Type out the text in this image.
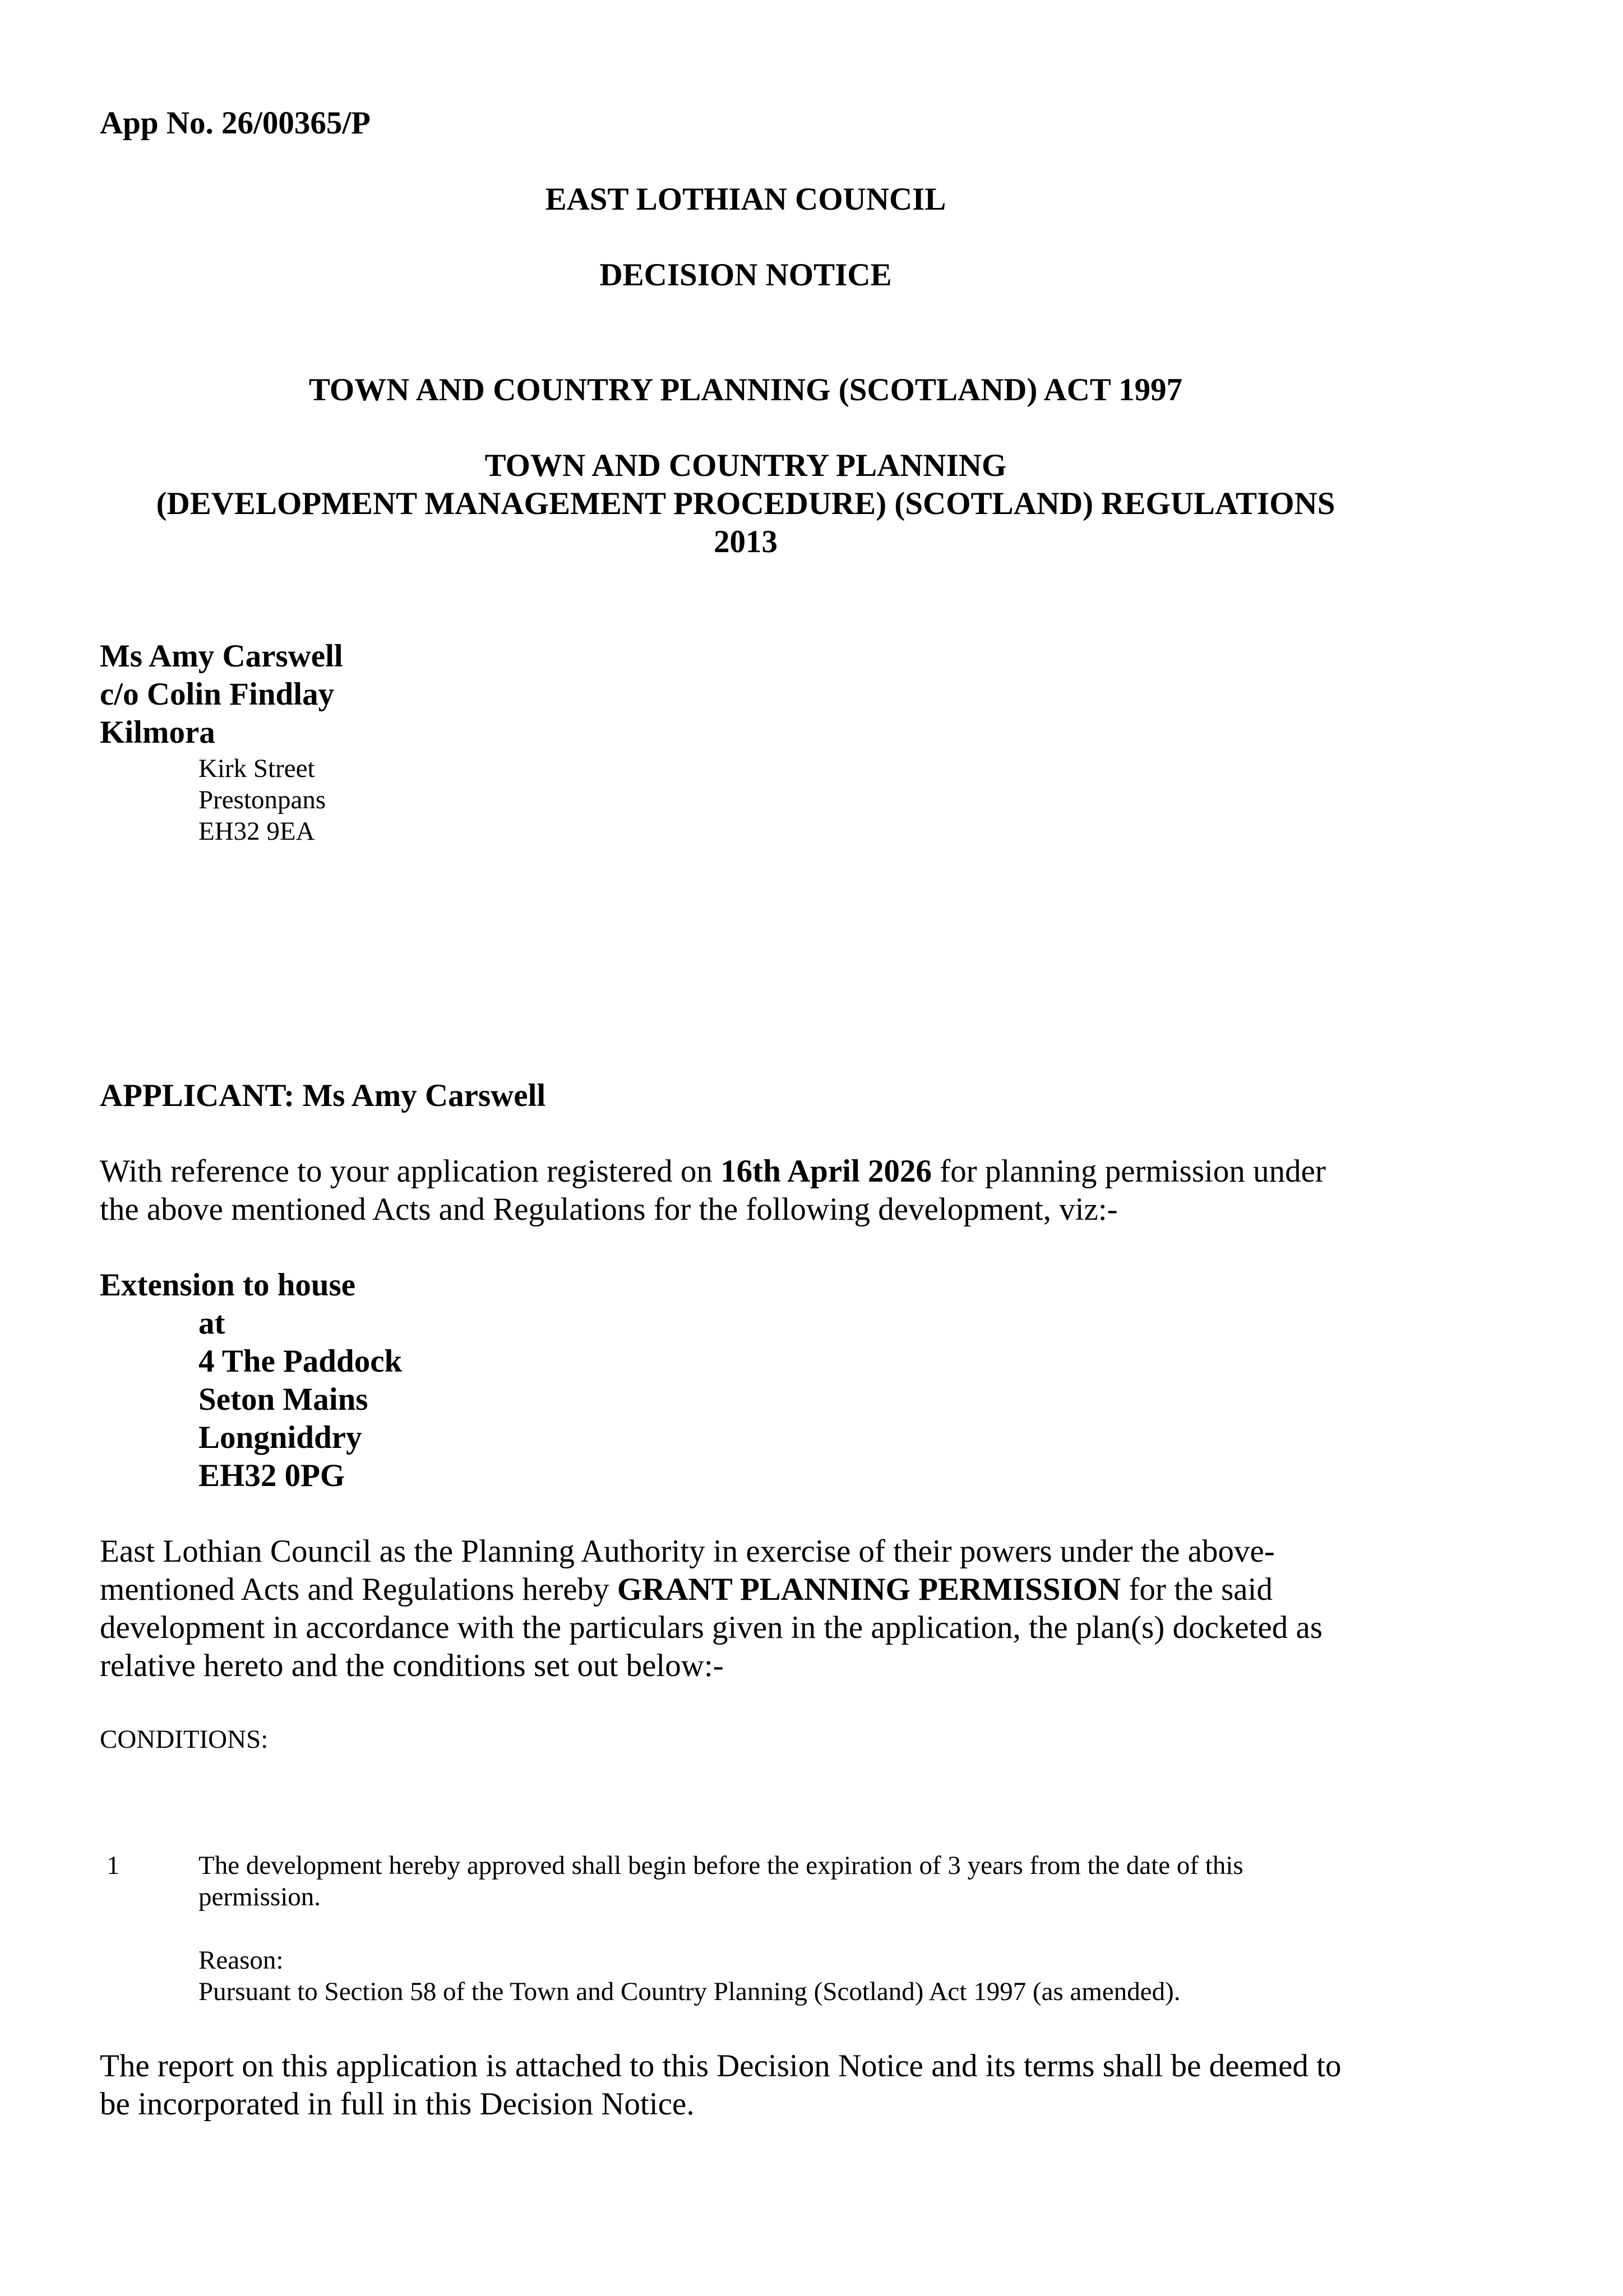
App No. 26/00365/P

EAST LOTHIAN COUNCIL

DECISION NOTICE

TOWN AND COUNTRY PLANNING (SCOTLAND) ACT 1997

TOWN AND COUNTRY PLANNING

(DEVELOPMENT MANAGEMENT PROCEDURE) (SCOTLAND) REGULATIONS

2013

Ms Amy Carswell

c/o Colin Findlay

Kilmora

Kirk Street

Prestonpans

EH32 9EA

APPLICANT: Ms Amy Carswell

With reference to your application registered on 16th April 2026 for planning permission under

the above mentioned Acts and Regulations for the following development, viz:-

Extension to house

at

4 The Paddock

Seton Mains

Longniddry

EH32 0PG

East Lothian Council as the Planning Authority in exercise of their powers under the above-

mentioned Acts and Regulations hereby GRANT PLANNING PERMISSION for the said

development in accordance with the particulars given in the application, the plan(s) docketed as

relative hereto and the conditions set out below:-

CONDITIONS:

1	The development hereby approved shall begin before the expiration of 3 years from the date of this

permission.

Reason:

Pursuant to Section 58 of the Town and Country Planning (Scotland) Act 1997 (as amended).

The report on this application is attached to this Decision Notice and its terms shall be deemed to

be incorporated in full in this Decision Notice.
